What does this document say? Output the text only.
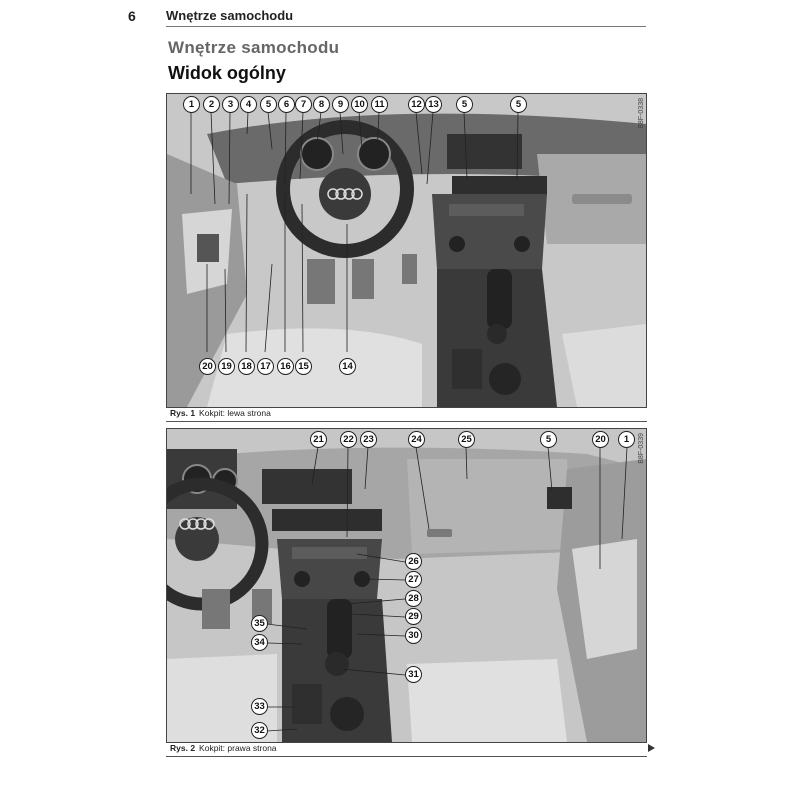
6 Wnętrze samochodu
Wnętrze samochodu
Widok ogólny
B8F-0338
1	2	3	4	5	6	7	8	9	10	11	12 13	5	5
20 19 18 17 16 15	14
Rys. 1 Kokpit: lewa strona
B8F-0339
21	22 23	24	25	5	20	1
26
27
28
29
30
35
34
31
33
32
Rys. 2 Kokpit: prawa strona
